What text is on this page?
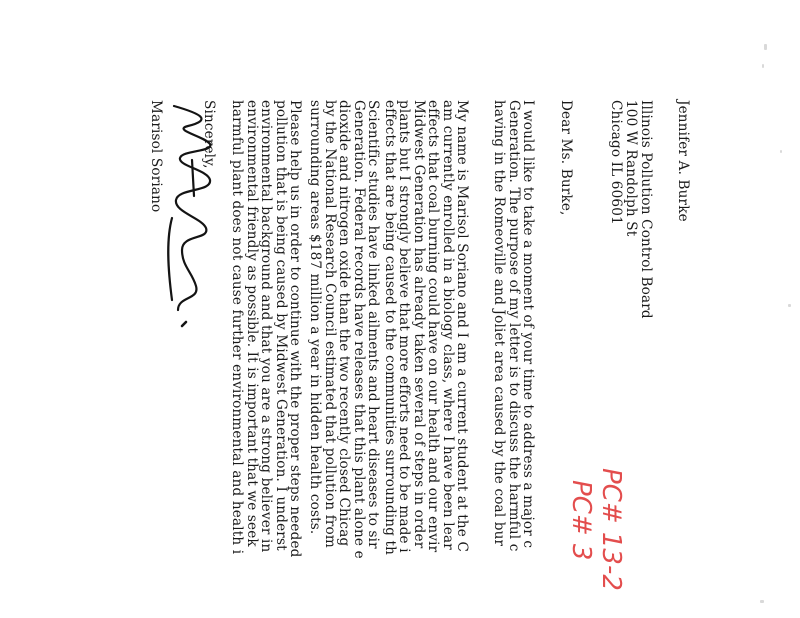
PC# 13-2
PC# 3
Jennifer A. Burke
Illinois Pollution Control Board
100 W Randolph St
Chicago IL 60601
Dear Ms. Burke,
I would like to take a moment of your time to address a major c
Generation. The purpose of my letter is to discuss the harmful c
having in the Romeoville and Joliet area caused by the coal bur
My name is Marisol Soriano and I am a current student at the C
am currently enrolled in a biology class, where I have been lear
effects that coal burning could have on our health and our envir
Midwest Generation has already taken several of steps in order
plants but I strongly believe that more efforts need to be made i
effects that are being caused to the communities surrounding th
Scientific studies have linked ailments and heart diseases to sir
Generation. Federal records have releases that this plant alone e
dioxide and nitrogen oxide than the two recently closed Chicag
by the National Research Council estimated that pollution from
surrounding areas $187 million a year in hidden health costs.
Please help us in order to continue with the proper steps needed
pollution that is being caused by Midwest Generation. I underst
environmental background and that you are a strong believer in
environmental friendly as possible. It is important that we seek
harmful plant does not cause further environmental and health i
Sincerely,
Marisol Soriano
